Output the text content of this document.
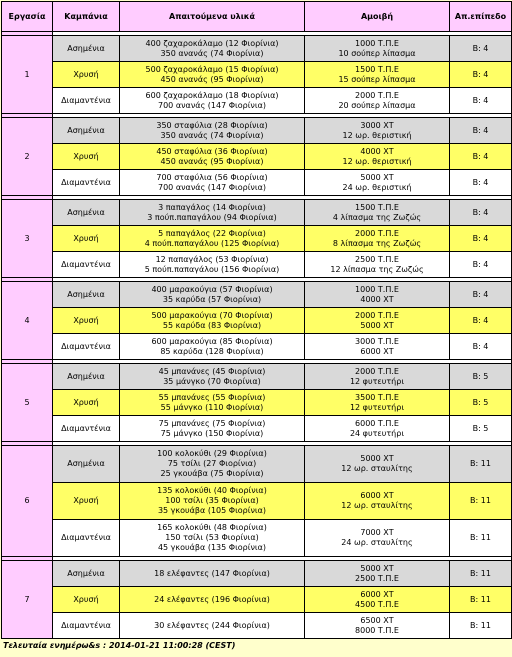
Εργασία	Καμπάνια	Απαιτούμενα υλικά	Αμοιβή	Απ.επίπεδο

1	Ασημένια	400 ζαχαροκάλαμο (12 Φιορίνια)
350 ανανάς (74 Φιορίνια)	1000 Τ.Π.Ε
10 σούπερ λίπασμα	Β: 4
	Χρυσή	500 ζαχαροκάλαμο (15 Φιορίνια)
450 ανανάς (95 Φιορίνια)	1500 Τ.Π.Ε
15 σούπερ λίπασμα	Β: 4
	Διαμαντένια	600 ζαχαροκάλαμο (18 Φιορίνια)
700 ανανάς (147 Φιορίνια)	2000 Τ.Π.Ε
20 σούπερ λίπασμα	Β: 4

2	Ασημένια	350 σταφύλια (28 Φιορίνια)
350 ανανάς (74 Φιορίνια)	3000 ΧΤ
12 ωρ. θεριστική	Β: 4
	Χρυσή	450 σταφύλια (36 Φιορίνια)
450 ανανάς (95 Φιορίνια)	4000 ΧΤ
12 ωρ. θεριστική	Β: 4
	Διαμαντένια	700 σταφύλια (56 Φιορίνια)
700 ανανάς (147 Φιορίνια)	5000 ΧΤ
24 ωρ. θεριστική	Β: 4

3	Ασημένια	3 παπαγάλος (14 Φιορίνια)
3 πούπ.παπαγάλου (94 Φιορίνια)	1500 Τ.Π.Ε
4 λίπασμα της Ζωζώς	Β: 4
	Χρυσή	5 παπαγάλος (22 Φιορίνια)
4 πούπ.παπαγάλου (125 Φιορίνια)	2000 Τ.Π.Ε
8 λίπασμα της Ζωζώς	Β: 4
	Διαμαντένια	12 παπαγάλος (53 Φιορίνια)
5 πούπ.παπαγάλου (156 Φιορίνια)	2500 Τ.Π.Ε
12 λίπασμα της Ζωζώς	Β: 4

4	Ασημένια	400 μαρακούγια (57 Φιορίνια)
35 καρύδα (57 Φιορίνια)	1000 Τ.Π.Ε
4000 ΧΤ	Β: 4
	Χρυσή	500 μαρακούγια (70 Φιορίνια)
55 καρύδα (83 Φιορίνια)	2000 Τ.Π.Ε
5000 ΧΤ	Β: 4
	Διαμαντένια	600 μαρακούγια (85 Φιορίνια)
85 καρύδα (128 Φιορίνια)	3000 Τ.Π.Ε
6000 ΧΤ	Β: 4

5	Ασημένια	45 μπανάνες (45 Φιορίνια)
35 μάνγκο (70 Φιορίνια)	2000 Τ.Π.Ε
12 φυτευτήρι	Β: 5
	Χρυσή	55 μπανάνες (55 Φιορίνια)
55 μάνγκο (110 Φιορίνια)	3500 Τ.Π.Ε
12 φυτευτήρι	Β: 5
	Διαμαντένια	75 μπανάνες (75 Φιορίνια)
75 μάνγκο (150 Φιορίνια)	6000 Τ.Π.Ε
24 φυτευτήρι	Β: 5

6	Ασημένια	100 κολοκύθι (29 Φιορίνια)
75 τσίλι (27 Φιορίνια)
25 γκουάβα (75 Φιορίνια)	5000 ΧΤ
12 ωρ. σταυλίτης	Β: 11
	Χρυσή	135 κολοκύθι (40 Φιορίνια)
100 τσίλι (35 Φιορίνια)
35 γκουάβα (105 Φιορίνια)	6000 ΧΤ
12 ωρ. σταυλίτης	Β: 11
	Διαμαντένια	165 κολοκύθι (48 Φιορίνια)
150 τσίλι (53 Φιορίνια)
45 γκουάβα (135 Φιορίνια)	7000 ΧΤ
24 ωρ. σταυλίτης	Β: 11

7	Ασημένια	18 ελέφαντες (147 Φιορίνια)	5000 ΧΤ
2500 Τ.Π.Ε	Β: 11
	Χρυσή	24 ελέφαντες (196 Φιορίνια)	6000 ΧΤ
4500 Τ.Π.Ε	Β: 11
	Διαμαντένια	30 ελέφαντες (244 Φιορίνια)	6500 ΧΤ
8000 Τ.Π.Ε	Β: 11
Τελευταία ενημέρω&s : 2014-01-21 11:00:28 (CEST)
